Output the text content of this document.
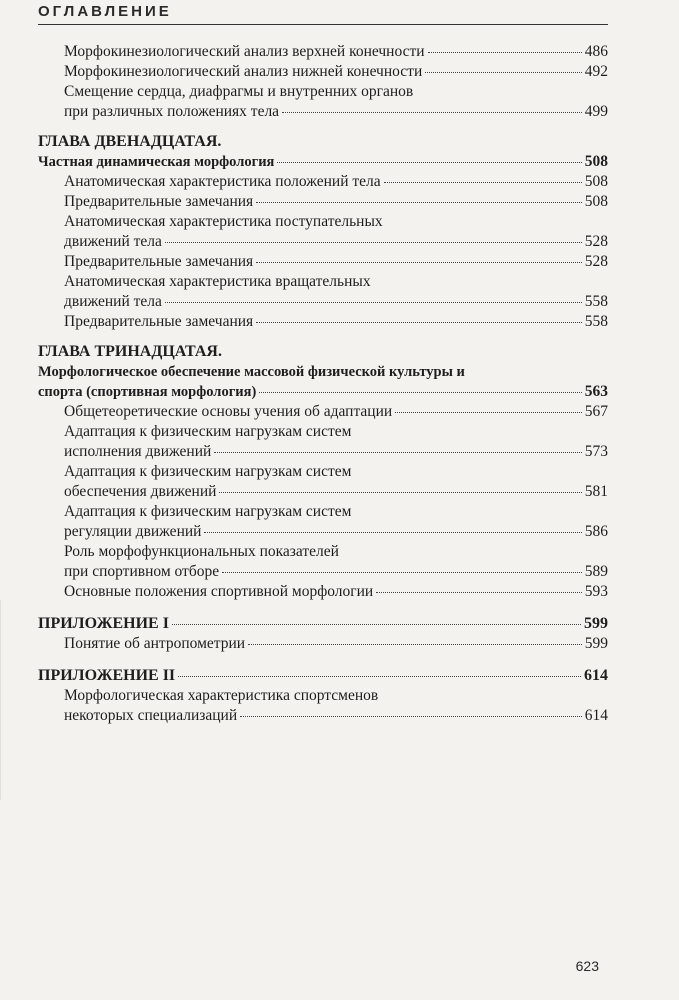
ОГЛАВЛЕНИЕ
Морфокинезиологический анализ верхней конечности	486
Морфокинезиологический анализ нижней конечности	492
Смещение сердца, диафрагмы и внутренних органов
при различных положениях тела	499
ГЛАВА ДВЕНАДЦАТАЯ.
Частная динамическая морфология	508
Анатомическая характеристика положений тела	508
Предварительные замечания	508
Анатомическая характеристика поступательных
движений тела	528
Предварительные замечания	528
Анатомическая характеристика вращательных
движений тела	558
Предварительные замечания	558
ГЛАВА ТРИНАДЦАТАЯ.
Морфологическое обеспечение массовой физической культуры и
спорта (спортивная морфология)	563
Общетеоретические основы учения об адаптации	567
Адаптация к физическим нагрузкам систем
исполнения движений	573
Адаптация к физическим нагрузкам систем
обеспечения движений	581
Адаптация к физическим нагрузкам систем
регуляции движений	586
Роль морфофункциональных показателей
при спортивном отборе	589
Основные положения спортивной морфологии	593
ПРИЛОЖЕНИЕ I	599
Понятие об антропометрии	599
ПРИЛОЖЕНИЕ II	614
Морфологическая характеристика спортсменов
некоторых специализаций	614
623
